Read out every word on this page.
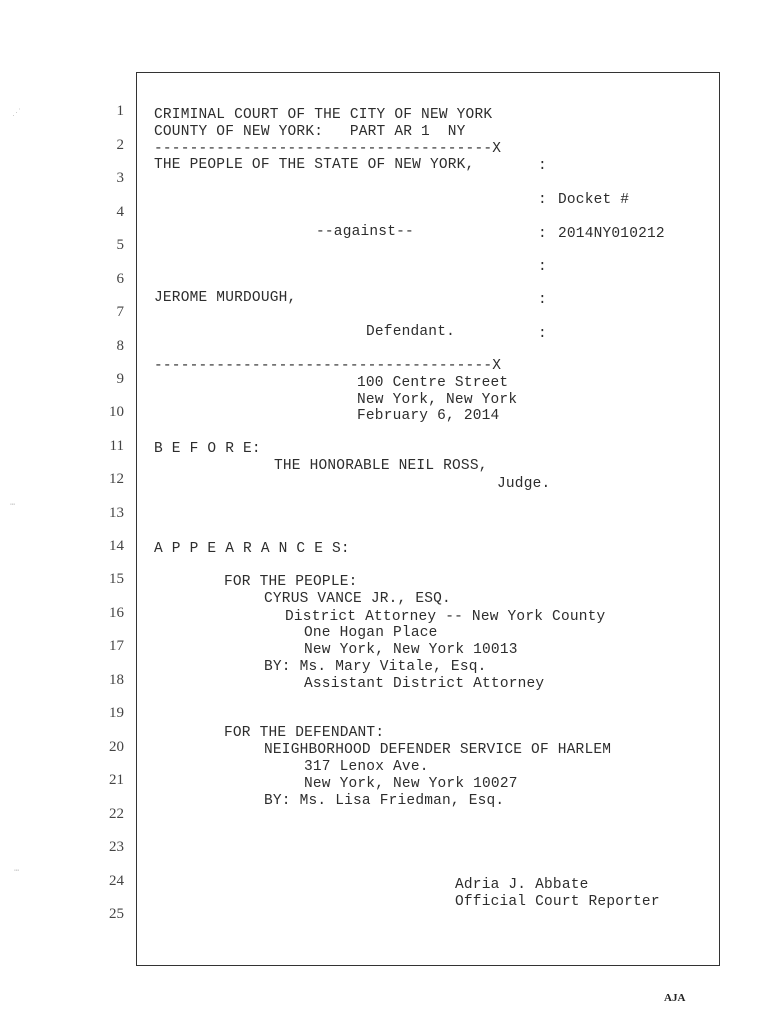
1
2
3
4
5
6
7
8
9
10
11
12
13
14
15
16
17
18
19
20
21
22
23
24
25
CRIMINAL COURT OF THE CITY OF NEW YORK
COUNTY OF NEW YORK:   PART AR 1  NY
--------------------------------------X
THE PEOPLE OF THE STATE OF NEW YORK,	:
: Docket #
--against--	: 2014NY010212
:
JEROME MURDOUGH,	:
Defendant.	:
--------------------------------------X
100 Centre Street
New York, New York
February 6, 2014
B E F O R E:
THE HONORABLE NEIL ROSS,
Judge.
A P P E A R A N C E S:
FOR THE PEOPLE:
CYRUS VANCE JR., ESQ.
District Attorney -- New York County
One Hogan Place
New York, New York 10013
BY: Ms. Mary Vitale, Esq.
Assistant District Attorney
FOR THE DEFENDANT:
NEIGHBORHOOD DEFENDER SERVICE OF HARLEM
317 Lenox Ave.
New York, New York 10027
BY: Ms. Lisa Friedman, Esq.
Adria J. Abbate
Official Court Reporter
AJA
⋰
⋯
⋯
